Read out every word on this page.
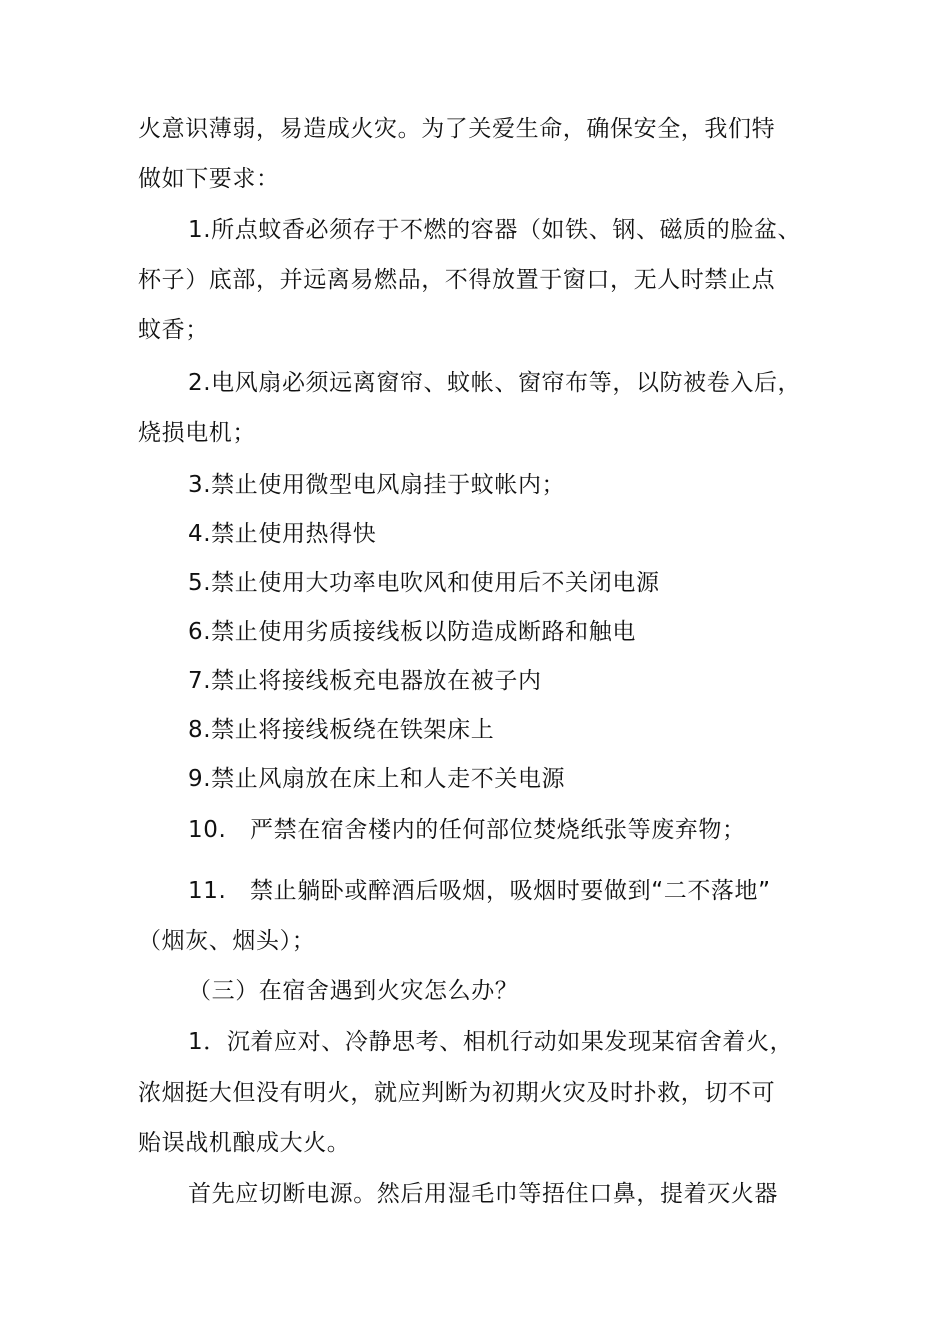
火意识薄弱，易造成火灾。为了关爱生命，确保安全，我们特
做如下要求：
1.所点蚊香必须存于不燃的容器（如铁、钢、磁质的脸盆、
杯子）底部，并远离易燃品，不得放置于窗口，无人时禁止点
蚊香；
2.电风扇必须远离窗帘、蚊帐、窗帘布等，以防被卷入后，
烧损电机；
3.禁止使用微型电风扇挂于蚊帐内；
4.禁止使用热得快
5.禁止使用大功率电吹风和使用后不关闭电源
6.禁止使用劣质接线板以防造成断路和触电
7.禁止将接线板充电器放在被子内
8.禁止将接线板绕在铁架床上
9.禁止风扇放在床上和人走不关电源
10. 严禁在宿舍楼内的任何部位焚烧纸张等废弃物；
11. 禁止躺卧或醉酒后吸烟，吸烟时要做到“二不落地”
（烟灰、烟头）；
（三）在宿舍遇到火灾怎么办？
1．沉着应对、冷静思考、相机行动如果发现某宿舍着火，
浓烟挺大但没有明火，就应判断为初期火灾及时扑救，切不可
贻误战机酿成大火。
首先应切断电源。然后用湿毛巾等捂住口鼻，提着灭火器
